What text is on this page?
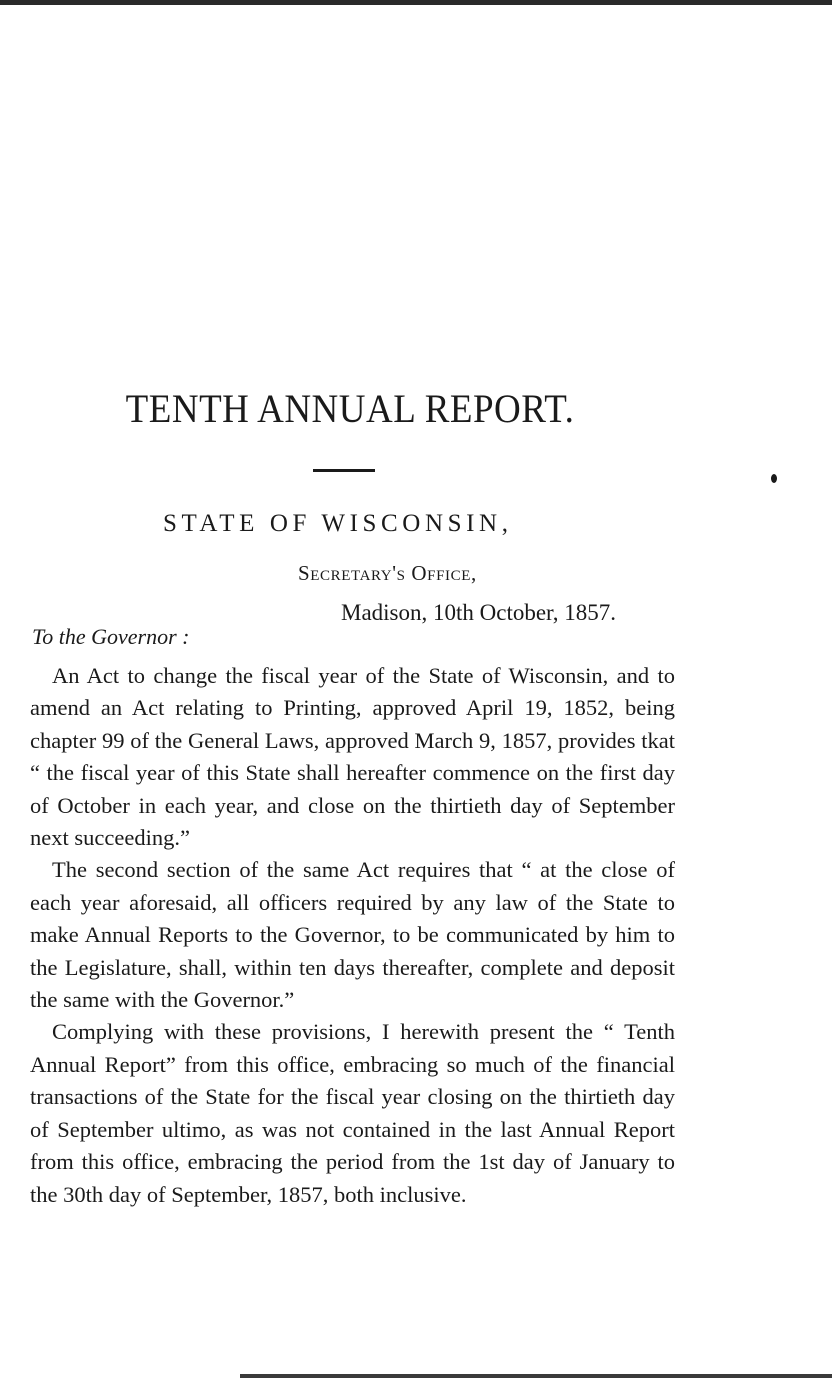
TENTH ANNUAL REPORT.
STATE OF WISCONSIN,
Secretary's Office,
Madison, 10th October, 1857.
To the Governor :

An Act to change the fiscal year of the State of Wisconsin, and to amend an Act relating to Printing, approved April 19, 1852, being chapter 99 of the General Laws, approved March 9, 1857, provides tkat “ the fiscal year of this State shall hereafter commence on the first day of October in each year, and close on the thirtieth day of September next succeeding.”

The second section of the same Act requires that “ at the close of each year aforesaid, all officers required by any law of the State to make Annual Reports to the Governor, to be communicated by him to the Legislature, shall, within ten days thereafter, complete and deposit the same with the Governor.”

Complying with these provisions, I herewith present the “ Tenth Annual Report” from this office, embracing so much of the financial transactions of the State for the fiscal year closing on the thirtieth day of September ultimo, as was not contained in the last Annual Report from this office, embracing the period from the 1st day of January to the 30th day of September, 1857, both inclusive.
